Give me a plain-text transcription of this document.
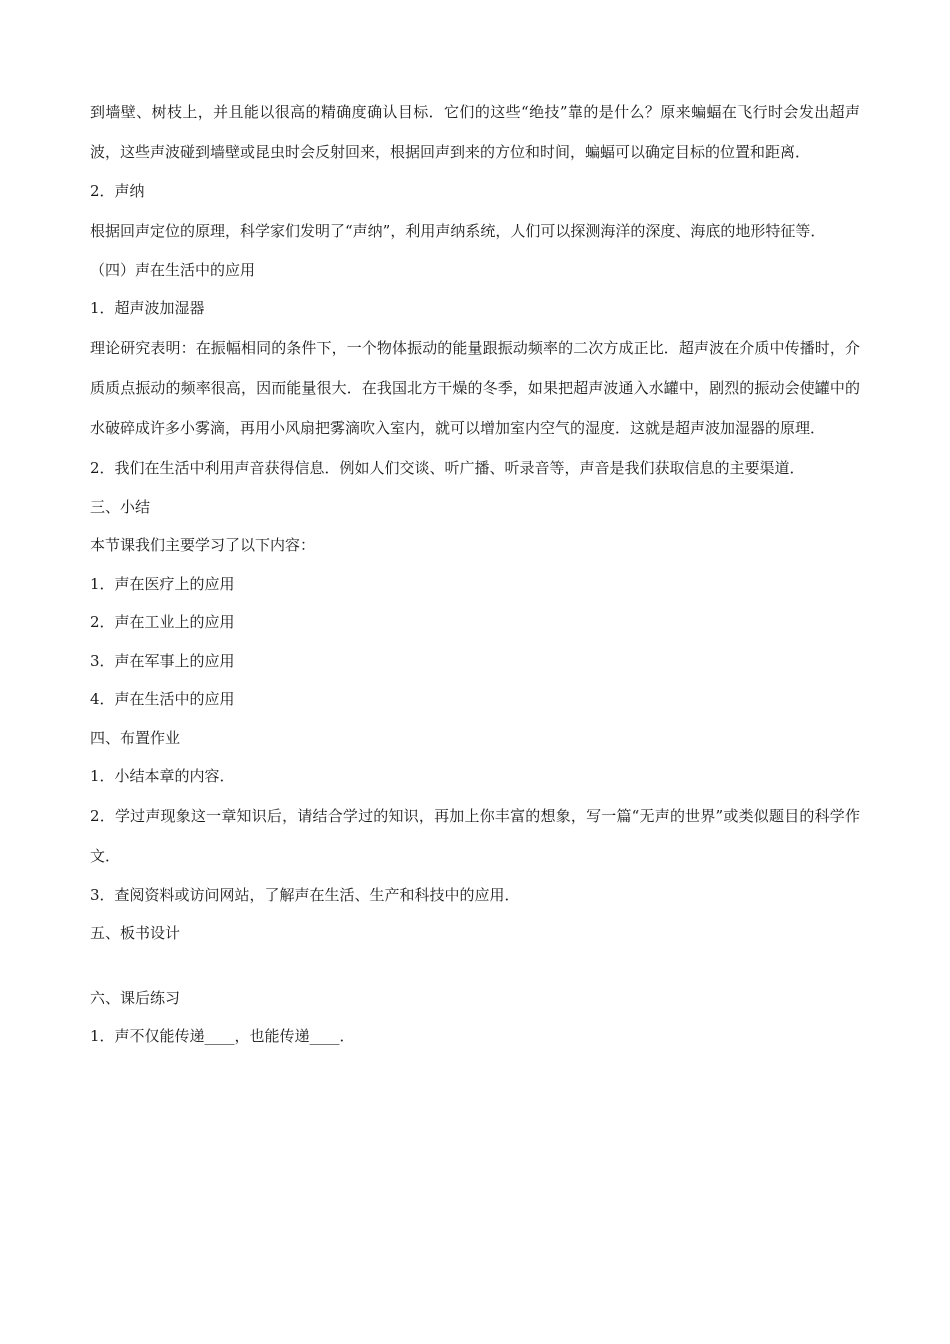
到墙壁、树枝上，并且能以很高的精确度确认目标．它们的这些“绝技”靠的是什么？原来蝙蝠在飞行时会发出超声波，这些声波碰到墙壁或昆虫时会反射回来，根据回声到来的方位和时间，蝙蝠可以确定目标的位置和距离．

2．声纳

根据回声定位的原理，科学家们发明了“声纳”，利用声纳系统，人们可以探测海洋的深度、海底的地形特征等．

（四）声在生活中的应用

1．超声波加湿器

理论研究表明：在振幅相同的条件下，一个物体振动的能量跟振动频率的二次方成正比．超声波在介质中传播时，介质质点振动的频率很高，因而能量很大．在我国北方干燥的冬季，如果把超声波通入水罐中，剧烈的振动会使罐中的水破碎成许多小雾滴，再用小风扇把雾滴吹入室内，就可以增加室内空气的湿度．这就是超声波加湿器的原理．

2．我们在生活中利用声音获得信息．例如人们交谈、听广播、听录音等，声音是我们获取信息的主要渠道．

三、小结

本节课我们主要学习了以下内容：

1．声在医疗上的应用

2．声在工业上的应用

3．声在军事上的应用

4．声在生活中的应用

四、布置作业

1．小结本章的内容．

2．学过声现象这一章知识后，请结合学过的知识，再加上你丰富的想象，写一篇“无声的世界”或类似题目的科学作文．

3．查阅资料或访问网站，了解声在生活、生产和科技中的应用．

五、板书设计

六、课后练习

1．声不仅能传递____，也能传递____．
